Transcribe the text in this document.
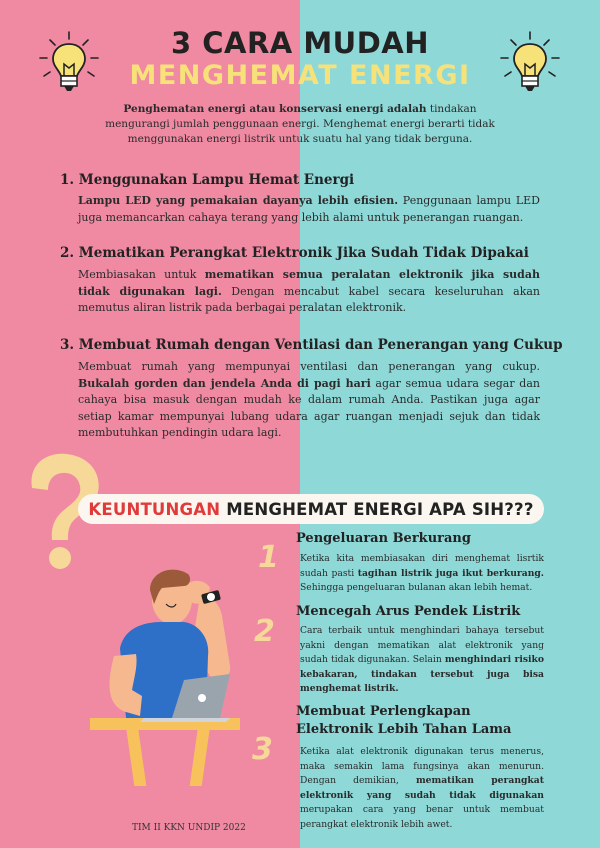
3 CARA MUDAH
MENGHEMAT ENERGI
Penghematan energi atau konservasi energi adalah tindakan mengurangi jumlah penggunaan energi. Menghemat energi berarti tidak menggunakan energi listrik untuk suatu hal yang tidak berguna.
1. Menggunakan Lampu Hemat Energi
Lampu LED yang pemakaian dayanya lebih efisien. Penggunaan lampu LED juga memancarkan cahaya terang yang lebih alami untuk penerangan ruangan.
2. Mematikan Perangkat Elektronik Jika Sudah Tidak Dipakai
Membiasakan untuk mematikan semua peralatan elektronik jika sudah tidak digunakan lagi. Dengan mencabut kabel secara keseluruhan akan memutus aliran listrik pada berbagai peralatan elektronik.
3. Membuat Rumah dengan Ventilasi dan Penerangan yang Cukup
Membuat rumah yang mempunyai ventilasi dan penerangan yang cukup. Bukalah gorden dan jendela Anda di pagi hari agar semua udara segar dan cahaya bisa masuk dengan mudah ke dalam rumah Anda. Pastikan juga agar setiap kamar mempunyai lubang udara agar ruangan menjadi sejuk dan tidak membutuhkan pendingin udara lagi.
KEUNTUNGAN MENGHEMAT ENERGI APA SIH???
1
2
3
Pengeluaran Berkurang
Ketika kita membiasakan diri menghemat lisrtik sudah pasti tagihan listrik juga ikut berkurang. Sehingga pengeluaran bulanan akan lebih hemat.
Mencegah Arus Pendek Listrik
Cara terbaik untuk menghindari bahaya tersebut yakni dengan mematikan alat elektronik yang sudah tidak digunakan. Selain menghindari risiko kebakaran, tindakan tersebut juga bisa menghemat listrik.
Membuat Perlengkapan
Elektronik Lebih Tahan Lama
Ketika alat elektronik digunakan terus menerus, maka semakin lama fungsinya akan menurun. Dengan demikian, mematikan perangkat elektronik yang sudah tidak digunakan merupakan cara yang benar untuk membuat perangkat elektronik lebih awet.
TIM II KKN UNDIP 2022
